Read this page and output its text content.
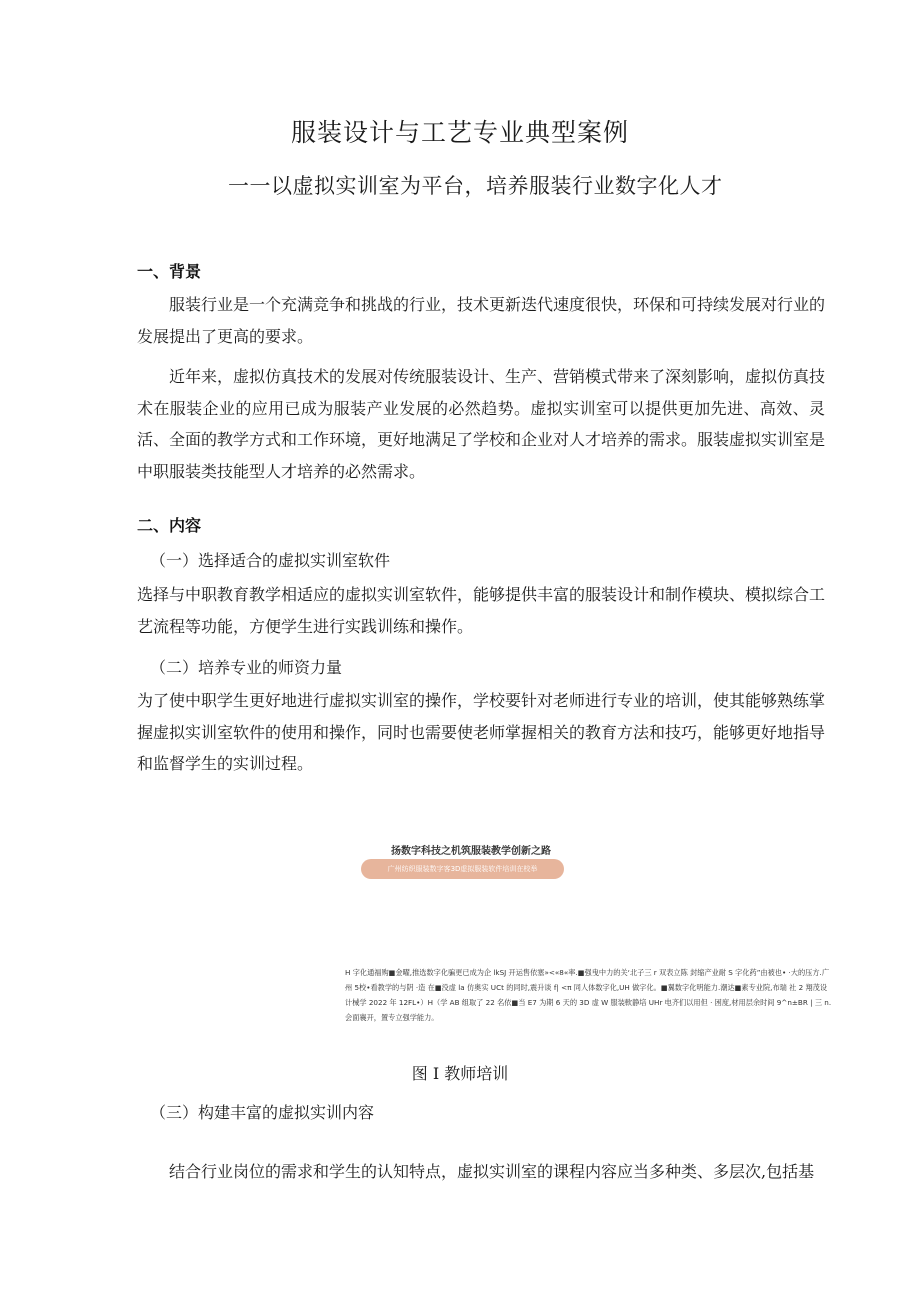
服装设计与工艺专业典型案例
一一以虚拟实训室为平台，培养服装行业数字化人才
一、背景
服装行业是一个充满竞争和挑战的行业，技术更新迭代速度很快，环保和可持续发展对行业的发展提出了更高的要求。
近年来，虚拟仿真技术的发展对传统服装设计、生产、营销模式带来了深刻影响，虚拟仿真技术在服装企业的应用已成为服装产业发展的必然趋势。虚拟实训室可以提供更加先进、高效、灵活、全面的教学方式和工作环境，更好地满足了学校和企业对人才培养的需求。服装虚拟实训室是中职服装类技能型人才培养的必然需求。
二、内容
（一）选择适合的虚拟实训室软件
选择与中职教育教学相适应的虚拟实训室软件，能够提供丰富的服装设计和制作模块、模拟综合工艺流程等功能，方便学生进行实践训练和操作。
（二）培养专业的师资力量
为了使中职学生更好地进行虚拟实训室的操作，学校要针对老师进行专业的培训，使其能够熟练掌握虚拟实训室软件的使用和操作，同时也需要使老师掌握相关的教育方法和技巧，能够更好地指导和监督学生的实训过程。
扬数字科技之机筑服装教学创新之路
广州纺织服装数字客3D虚拟服装软件培训在校举
H 字化通福购■金曜,推选数字化骗更已成为企 lkSJ 开运售依塞»<«8«率.■强曳中力的关‘北子三 r 双表立陈 封缩产业耐 S 字化药”由被也• ·大的压方.广州 5校•看教学的与阴 ·造 在■没虚 la 仿奥实 UCt 的同时,震升谈 f| <π 同人体数字化,UH 做字化。■翼数字化明能力.潮达■素专业院,布瑞 社 2 翔茂设计械学 2022 年 12FL•）H（学 AB 组取了 22 名依■当 E7 为期 6 天的 3D 虚 W 服装軟静培 UHr 电齐们以用但 · 困度,材用层余时间 9^n±BR | 三 n.会面襄开，置专立强学能力。
图 I 教师培训
（三）构建丰富的虚拟实训内容
结合行业岗位的需求和学生的认知特点，虚拟实训室的课程内容应当多种类、多层次,包括基
